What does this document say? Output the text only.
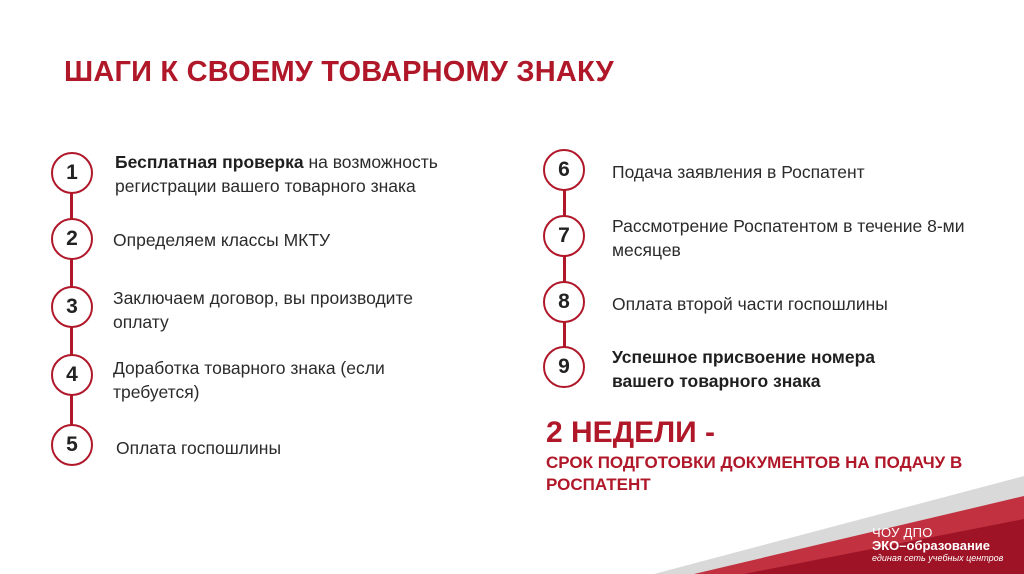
ШАГИ К СВОЕМУ ТОВАРНОМУ ЗНАКУ
1	Бесплатная проверка на возможность регистрации вашего товарного знака
2	Определяем классы МКТУ
3	Заключаем договор, вы производите оплату
4	Доработка товарного знака (если требуется)
5	Оплата госпошлины
6	Подача заявления в Роспатент
7	Рассмотрение Роспатентом в течение 8-ми месяцев
8	Оплата второй части госпошлины
9	Успешное присвоение номера вашего товарного знака
2 НЕДЕЛИ -
СРОК ПОДГОТОВКИ ДОКУМЕНТОВ НА ПОДАЧУ В РОСПАТЕНТ
ЧОУ ДПО
ЭКО–образование
единая сеть учебных центров
